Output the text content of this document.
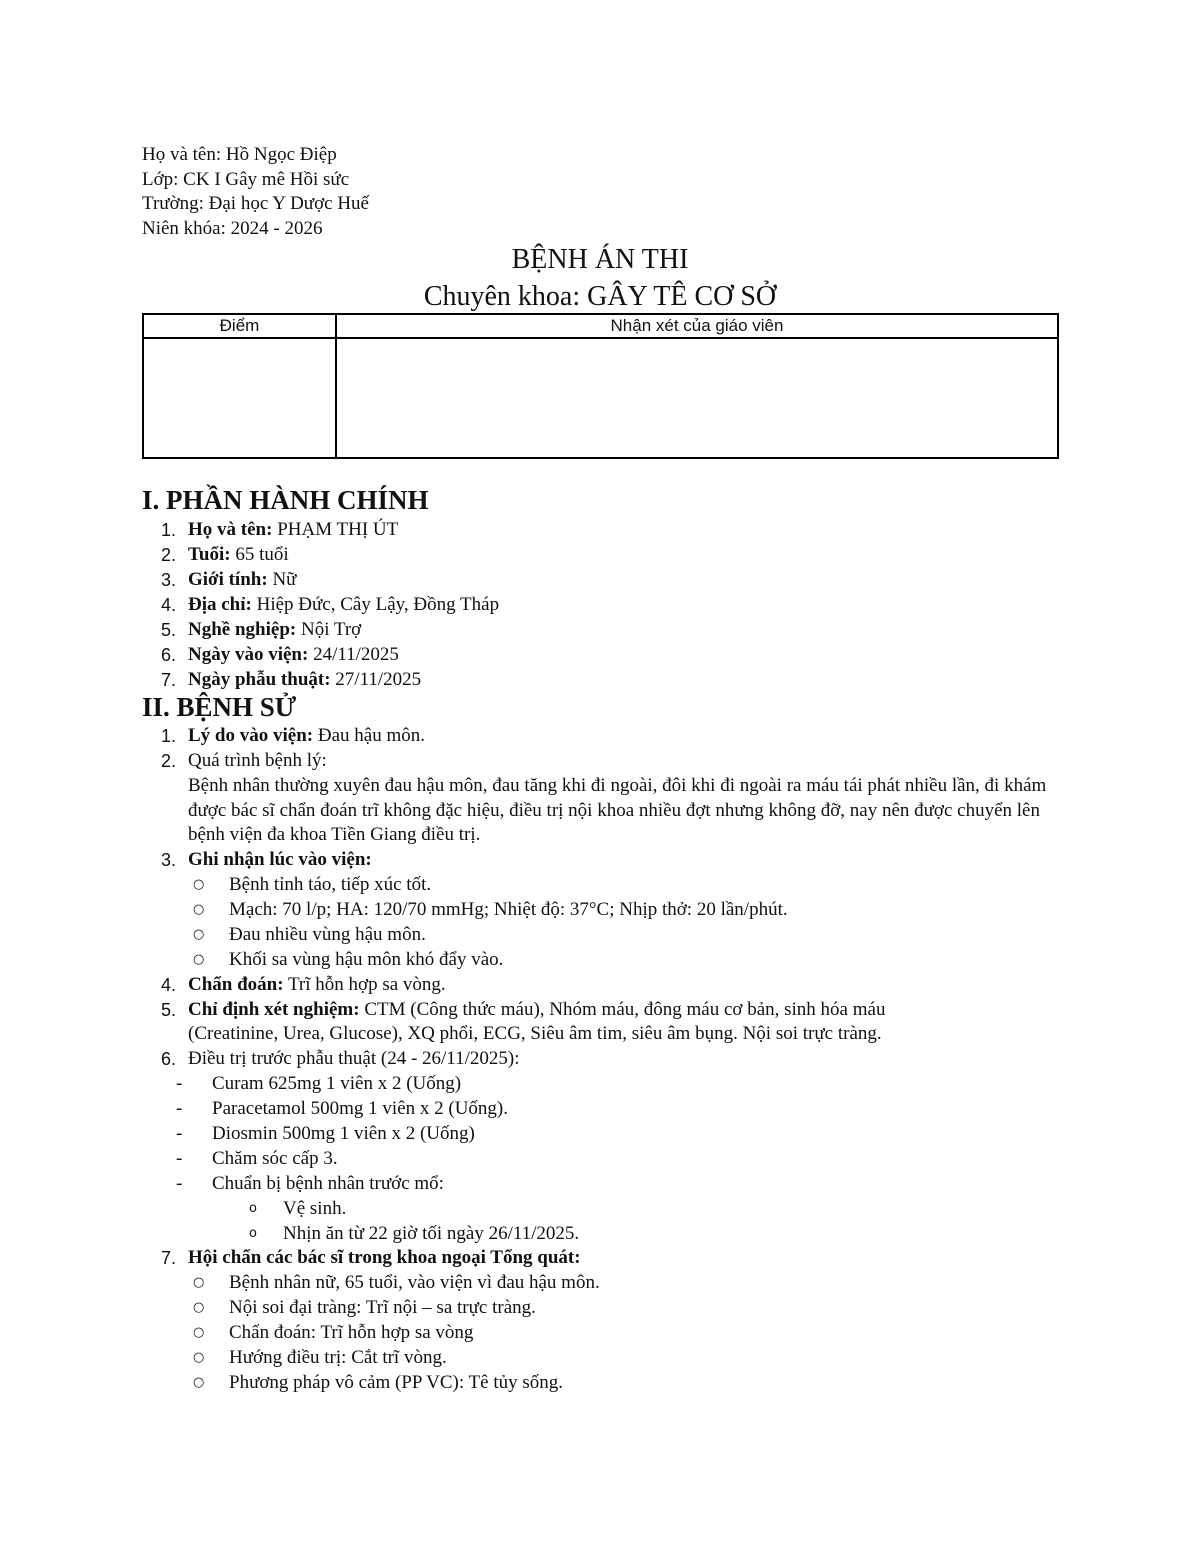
Họ và tên: Hồ Ngọc Điệp
Lớp: CK I Gây mê Hồi sức
Trường: Đại học Y Dược Huế
Niên khóa: 2024 - 2026
BỆNH ÁN THI
Chuyên khoa: GÂY TÊ CƠ SỞ
Điểm	Nhận xét của giáo viên

I. PHẦN HÀNH CHÍNH
1. Họ và tên: PHẠM THỊ ÚT
2. Tuổi: 65 tuổi
3. Giới tính: Nữ
4. Địa chỉ: Hiệp Đức, Cây Lậy, Đồng Tháp
5. Nghề nghiệp: Nội Trợ
6. Ngày vào viện: 24/11/2025
7. Ngày phẫu thuật: 27/11/2025
II. BỆNH SỬ
1. Lý do vào viện: Đau hậu môn.
2. Quá trình bệnh lý:
Bệnh nhân thường xuyên đau hậu môn, đau tăng khi đi ngoài, đôi khi đi ngoài ra máu tái phát nhiều lần, đi khám được bác sĩ chẩn đoán trĩ không đặc hiệu, điều trị nội khoa nhiều đợt nhưng không đỡ, nay nên được chuyển lên bệnh viện đa khoa Tiền Giang điều trị.
3. Ghi nhận lúc vào viện:
○ Bệnh tỉnh táo, tiếp xúc tốt.
○ Mạch: 70 l/p; HA: 120/70 mmHg; Nhiệt độ: 37°C; Nhịp thở: 20 lần/phút.
○ Đau nhiều vùng hậu môn.
○ Khối sa vùng hậu môn khó đẩy vào.
4. Chẩn đoán: Trĩ hỗn hợp sa vòng.
5. Chỉ định xét nghiệm: CTM (Công thức máu), Nhóm máu, đông máu cơ bản, sinh hóa máu
(Creatinine, Urea, Glucose), XQ phổi, ECG, Siêu âm tim, siêu âm bụng. Nội soi trực tràng.
6. Điều trị trước phẫu thuật (24 - 26/11/2025):
- Curam 625mg 1 viên x 2 (Uống)
- Paracetamol 500mg 1 viên x 2 (Uống).
- Diosmin 500mg 1 viên x 2 (Uống)
- Chăm sóc cấp 3.
- Chuẩn bị bệnh nhân trước mổ:
o Vệ sinh.
o Nhịn ăn từ 22 giờ tối ngày 26/11/2025.
7. Hội chẩn các bác sĩ trong khoa ngoại Tổng quát:
○ Bệnh nhân nữ, 65 tuổi, vào viện vì đau hậu môn.
○ Nội soi đại tràng: Trĩ nội – sa trực tràng.
○ Chẩn đoán: Trĩ hỗn hợp sa vòng
○ Hướng điều trị: Cắt trĩ vòng.
○ Phương pháp vô cảm (PP VC): Tê tủy sống.
